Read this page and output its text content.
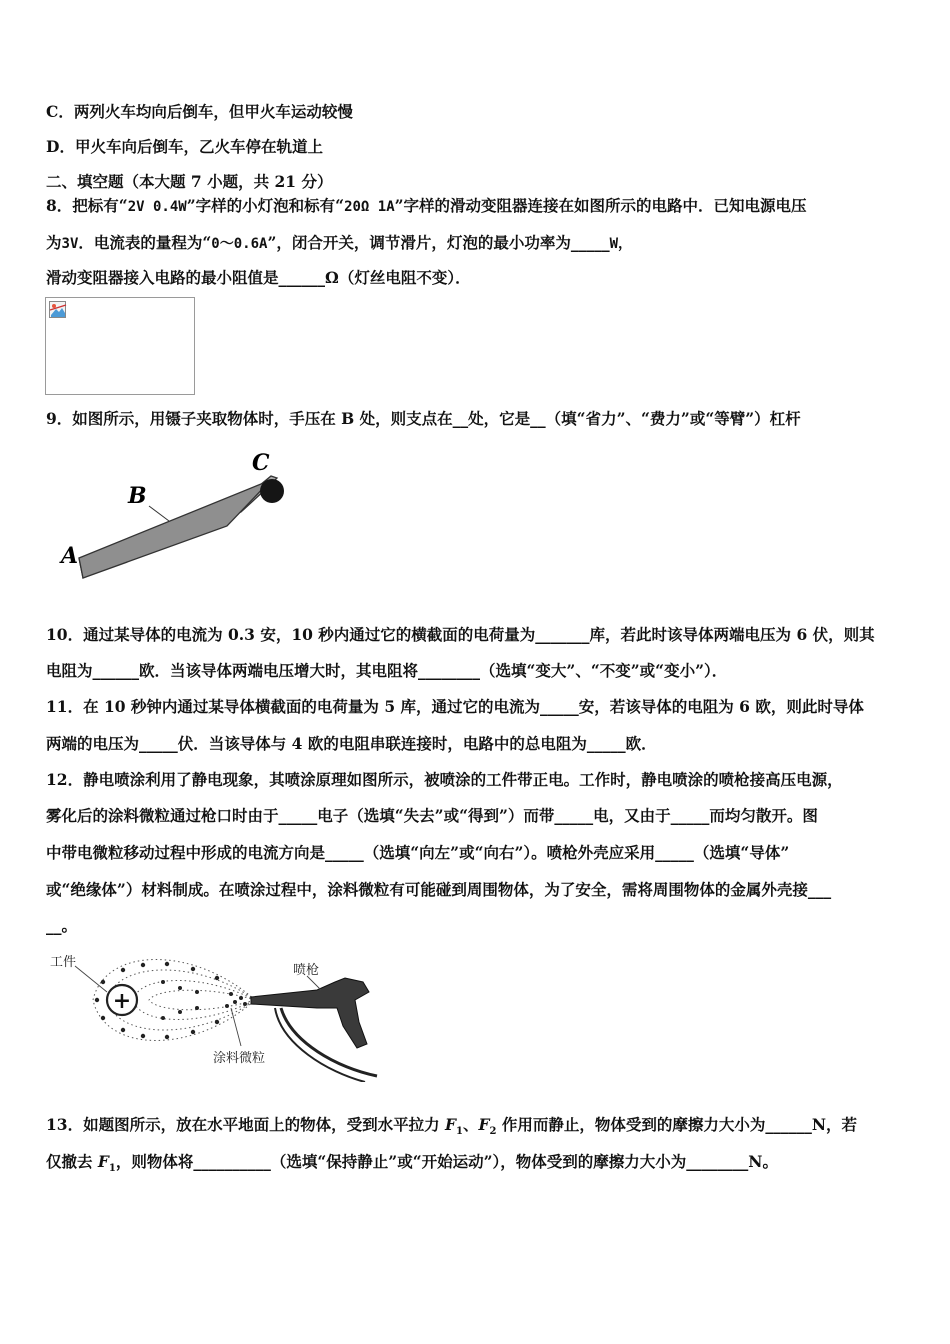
C．两列火车均向后倒车，但甲火车运动较慢
D．甲火车向后倒车，乙火车停在轨道上
二、填空题（本大题 7 小题，共 21 分）
8．把标有“2V 0.4W”字样的小灯泡和标有“20Ω 1A”字样的滑动变阻器连接在如图所示的电路中．已知电源电压
为3V．电流表的量程为“0～0.6A”，闭合开关，调节滑片，灯泡的最小功率为_____W，
滑动变阻器接入电路的最小阻值是______Ω（灯丝电阻不变）．
9．如图所示，用镊子夹取物体时，手压在 B 处，则支点在__处，它是__（填“省力”、“费力”或“等臂”）杠杆
A
B
C
10．通过某导体的电流为 0.3 安，10 秒内通过它的横截面的电荷量为_______库，若此时该导体两端电压为 6 伏，则其
电阻为______欧．当该导体两端电压增大时，其电阻将________（选填“变大”、“不变”或“变小”）．
11．在 10 秒钟内通过某导体横截面的电荷量为 5 库，通过它的电流为_____安，若该导体的电阻为 6 欧，则此时导体
两端的电压为_____伏．当该导体与 4 欧的电阻串联连接时，电路中的总电阻为_____欧．
12．静电喷涂利用了静电现象，其喷涂原理如图所示，被喷涂的工件带正电。工作时，静电喷涂的喷枪接高压电源，
雾化后的涂料微粒通过枪口时由于_____电子（选填“失去”或“得到”）而带_____电，又由于_____而均匀散开。图
中带电微粒移动过程中形成的电流方向是_____（选填“向左”或“向右”）。喷枪外壳应采用_____（选填“导体”
或“绝缘体”）材料制成。在喷涂过程中，涂料微粒有可能碰到周围物体，为了安全，需将周围物体的金属外壳接___
__。
+
工件
喷枪
涂料微粒
13．如题图所示，放在水平地面上的物体，受到水平拉力 $F_1$、$F_2$ 作用而静止，物体受到的摩擦力大小为______N，若
仅撤去 $F_1$，则物体将__________（选填“保持静止”或“开始运动”），物体受到的摩擦力大小为________N。
